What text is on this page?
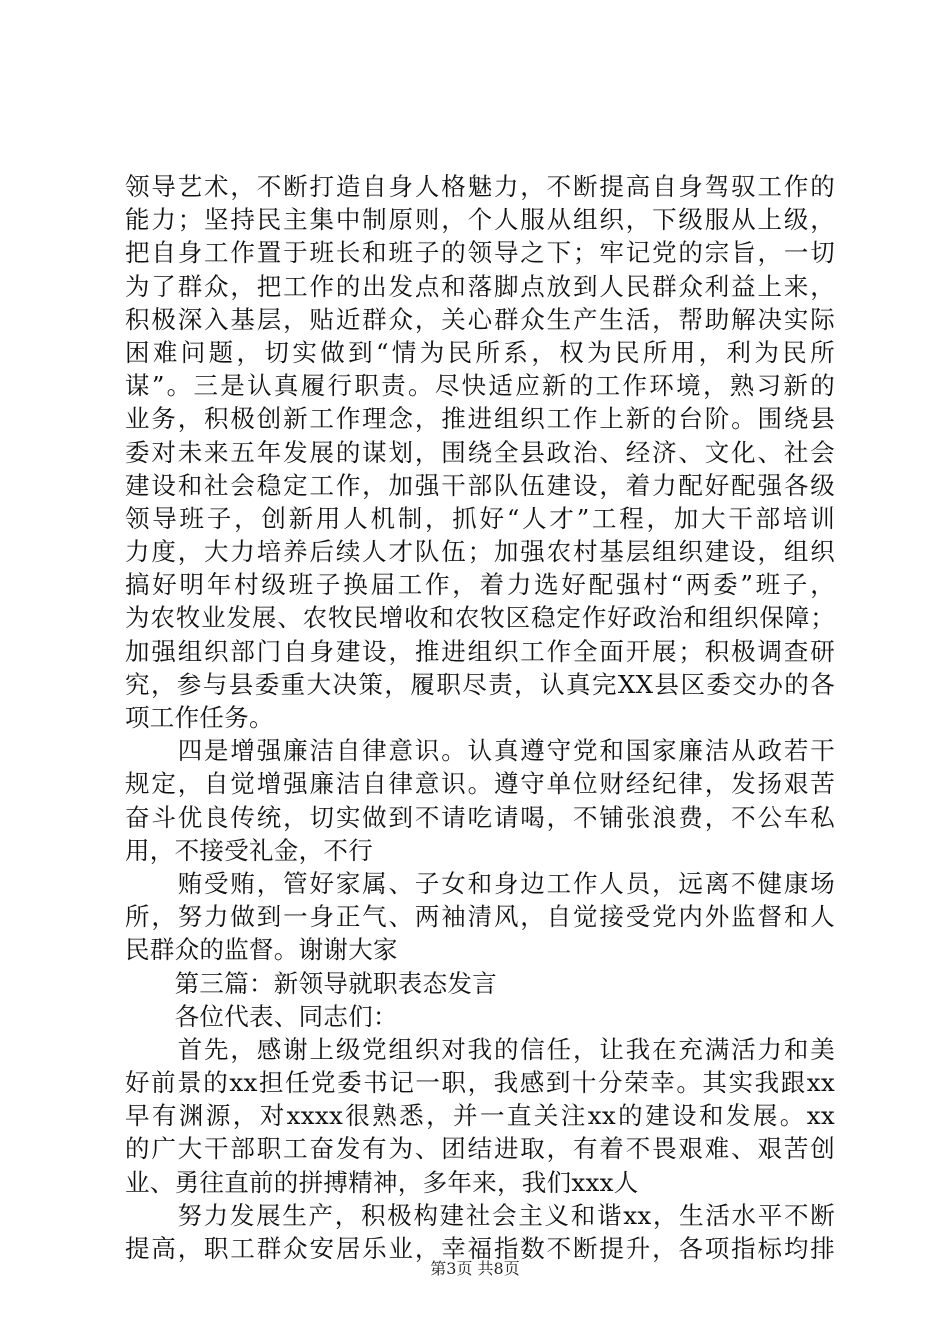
领导艺术，不断打造自身人格魅力，不断提高自身驾驭工作的
能力；坚持民主集中制原则，个人服从组织，下级服从上级，
把自身工作置于班长和班子的领导之下；牢记党的宗旨，一切
为了群众，把工作的出发点和落脚点放到人民群众利益上来，
积极深入基层，贴近群众，关心群众生产生活，帮助解决实际
困难问题，切实做到“情为民所系，权为民所用，利为民所
谋”。三是认真履行职责。尽快适应新的工作环境，熟习新的
业务，积极创新工作理念，推进组织工作上新的台阶。围绕县
委对未来五年发展的谋划，围绕全县政治、经济、文化、社会
建设和社会稳定工作，加强干部队伍建设，着力配好配强各级
领导班子，创新用人机制，抓好“人才”工程，加大干部培训
力度，大力培养后续人才队伍；加强农村基层组织建设，组织
搞好明年村级班子换届工作，着力选好配强村“两委”班子，
为农牧业发展、农牧民增收和农牧区稳定作好政治和组织保障；
加强组织部门自身建设，推进组织工作全面开展；积极调查研
究，参与县委重大决策，履职尽责，认真完XX县区委交办的各
项工作任务。
　　四是增强廉洁自律意识。认真遵守党和国家廉洁从政若干
规定，自觉增强廉洁自律意识。遵守单位财经纪律，发扬艰苦
奋斗优良传统，切实做到不请吃请喝，不铺张浪费，不公车私
用，不接受礼金，不行
　　贿受贿，管好家属、子女和身边工作人员，远离不健康场
所，努力做到一身正气、两袖清风，自觉接受党内外监督和人
民群众的监督。谢谢大家
　　第三篇：新领导就职表态发言
　　各位代表、同志们：
　　首先，感谢上级党组织对我的信任，让我在充满活力和美
好前景的xx担任党委书记一职，我感到十分荣幸。其实我跟xx
早有渊源，对xxxx很熟悉，并一直关注xx的建设和发展。xx
的广大干部职工奋发有为、团结进取，有着不畏艰难、艰苦创
业、勇往直前的拼搏精神，多年来，我们xxx人
　　努力发展生产，积极构建社会主义和谐xx，生活水平不断
提高，职工群众安居乐业，幸福指数不断提升，各项指标均排
第3页 共8页
